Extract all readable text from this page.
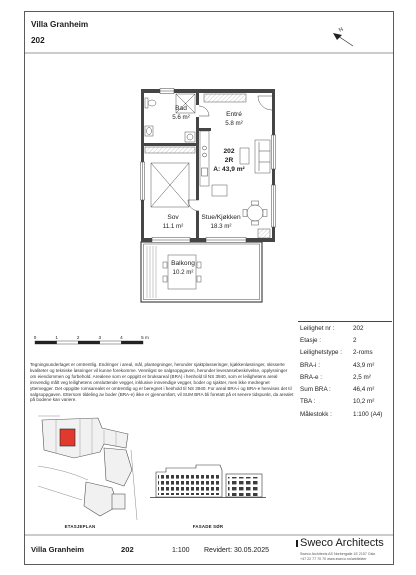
Bad
5.6 m²	Entré
5.8 m²
Sov
11.1 m²
Stue/Kjøkken
18.3 m²
Balkong
10.2 m²
202
2R
A: 43,9 m²
N
0	1	2	3	4	5 m
ETASJEPLAN	FASADE SØR
Villa Granheim
202
Leilighet nr :	202
Etasje :	2
Leilighetstype :	2-roms
BRA-i :	43,9 m²
BRA-e :	2,5 m²
Sum BRA :	46,4 m²
TBA :	10,2 m²
Målestokk :	1:100 (A4)
Tegningsunderlaget er omtrentlig. Endringer i areal, mål, plantegninger, herunder sjaktplasseringer, kjøkkenløsninger, skisserte kvaliteter og tekniske løsninger vil kunne forekomme. Vennligst se salgsoppgaven, herunder leveransebeskrivelse, opplysninger om eiendommen og forbehold. Arealene som er oppgitt er bruksareal (BRA) i henhold til NS 3940, som er leilighetens areal innvendig målt veg leilighetens omsluttende vegger, inklusive innvendige vegger, boder og sjakter, men ikke medregnet yttervegger. Det oppgitte romsarealet er omtrentlig og er beregnet i henhold til NS 3940. For areal BRA-i og BRA-e henvises det til salgsoppgaven. Ettersom tildeling av boder (BRA-e) ikke er gjennomført, vil SUM BRA bli foretatt på et senere tidspunkt, da arealet på bodene kan variere.
Villa Granheim	202	1:100 Revidert: 30.05.2025
Sweco Architects
Sweco Architects AS Norbergalle 1E 2157 Oslo
+47 22 77 70 70 www.sweco.no/arkitekter
